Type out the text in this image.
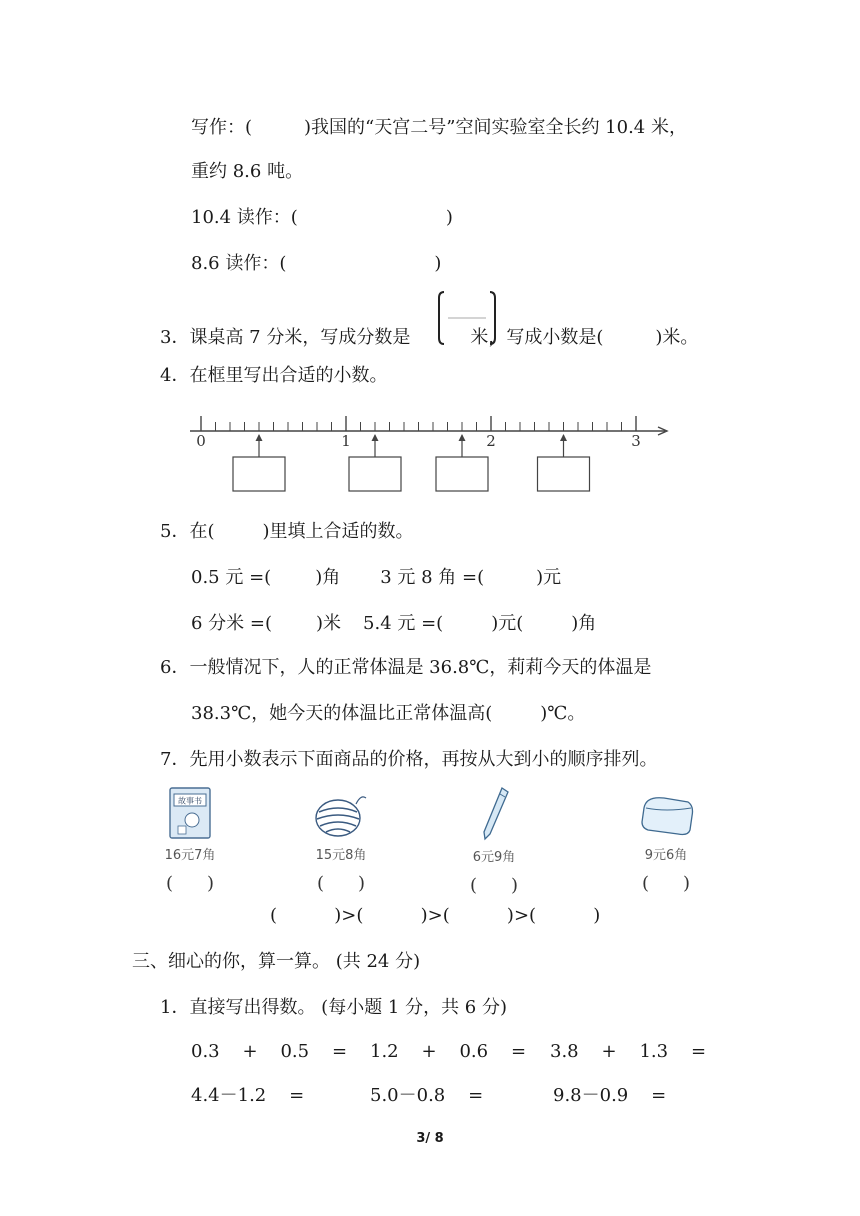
写作：(	)我国的“天宫二号”空间实验室全长约 10.4 米，
重约 8.6 吨。
10.4 读作：(	)
8.6 读作：(	)
3．课桌高 7 分米，写成分数是	米，写成小数是(	)米。
4．在框里写出合适的小数。
0	1	2	3
5．在(	)里填上合适的数。
0.5 元 =( )角 3 元 8 角 =(	)元
6 分米 =( )米 5.4 元 =(	)元(	)角
6．一般情况下，人的正常体温是 36.8℃，莉莉今天的体温是
38.3℃，她今天的体温比正常体温高(	)℃。
7．先用小数表示下面商品的价格，再按从大到小的顺序排列。
故事书
16元7角
( )
15元8角
( )
6元9角
( )
9元6角
( )
(          )>(          )>(          )>(          )
三、细心的你，算一算。 (共 24 分)
1．直接写出得数。 (每小题 1 分，共 6 分)
0.3    +    0.5    = 1.2    +    0.6    = 3.8    +    1.3    =
4.4－1.2    =	5.0－0.8    =	9.8－0.9    =
3/ 8
